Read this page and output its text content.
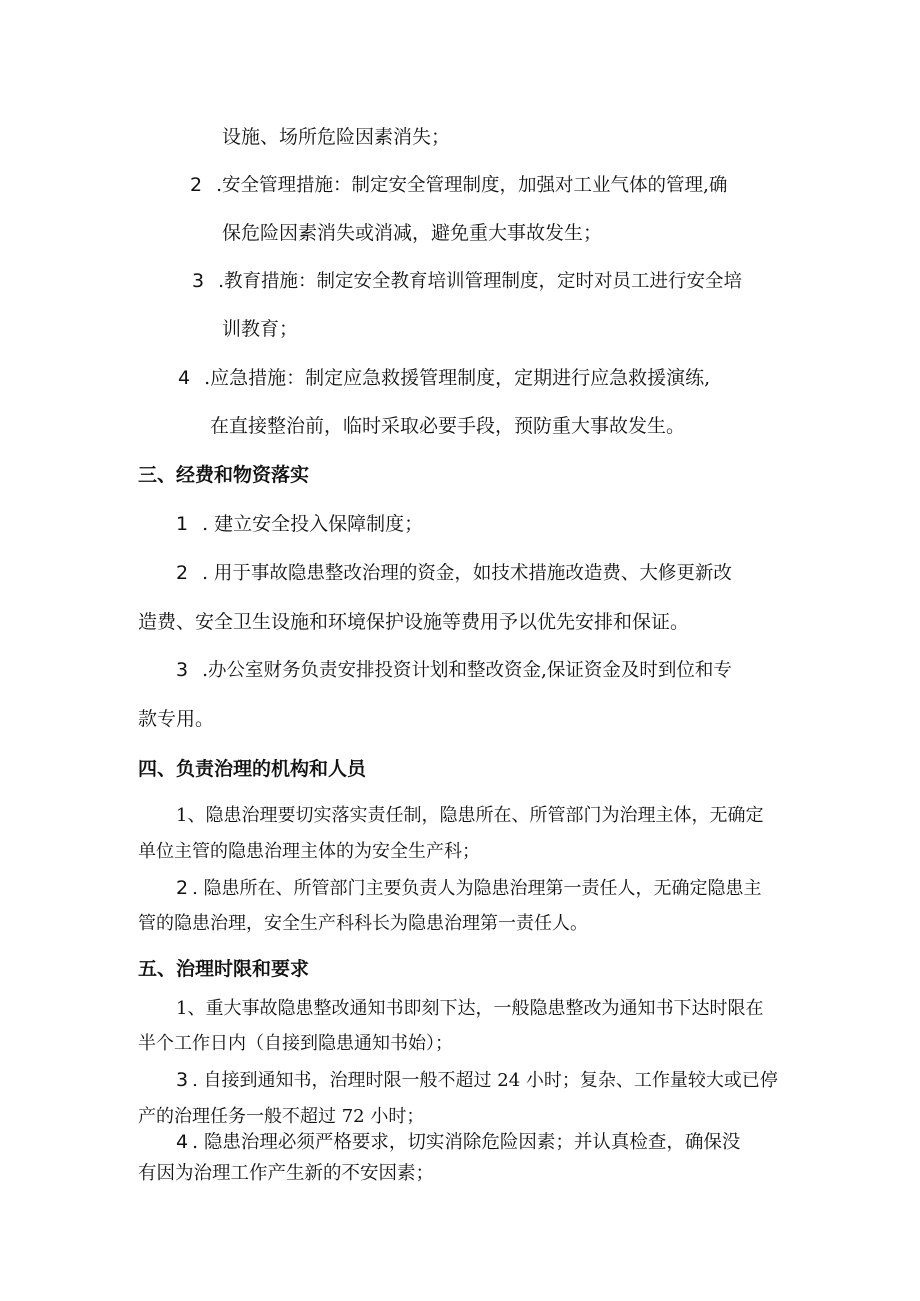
设施、场所危险因素消失；
2 .安全管理措施：制定安全管理制度，加强对工业气体的管理,确
保危险因素消失或消减，避免重大事故发生；
3 .教育措施：制定安全教育培训管理制度，定时对员工进行安全培
训教育；
4 .应急措施：制定应急救援管理制度，定期进行应急救援演练,
在直接整治前，临时采取必要手段，预防重大事故发生。
三、经费和物资落实
1 . 建立安全投入保障制度；
2 . 用于事故隐患整改治理的资金，如技术措施改造费、大修更新改
造费、安全卫生设施和环境保护设施等费用予以优先安排和保证。
3 .办公室财务负责安排投资计划和整改资金,保证资金及时到位和专
款专用。
四、负责治理的机构和人员
1、隐患治理要切实落实责任制，隐患所在、所管部门为治理主体，无确定
单位主管的隐患治理主体的为安全生产科；
2 . 隐患所在、所管部门主要负责人为隐患治理第一责任人，无确定隐患主
管的隐患治理，安全生产科科长为隐患治理第一责任人。
五、治理时限和要求
1、重大事故隐患整改通知书即刻下达，一般隐患整改为通知书下达时限在
半个工作日内（自接到隐患通知书始）；
3 . 自接到通知书，治理时限一般不超过 24 小时；复杂、工作量较大或已停
产的治理任务一般不超过 72 小时；
4 . 隐患治理必须严格要求，切实消除危险因素；并认真检查，确保没
有因为治理工作产生新的不安因素；
